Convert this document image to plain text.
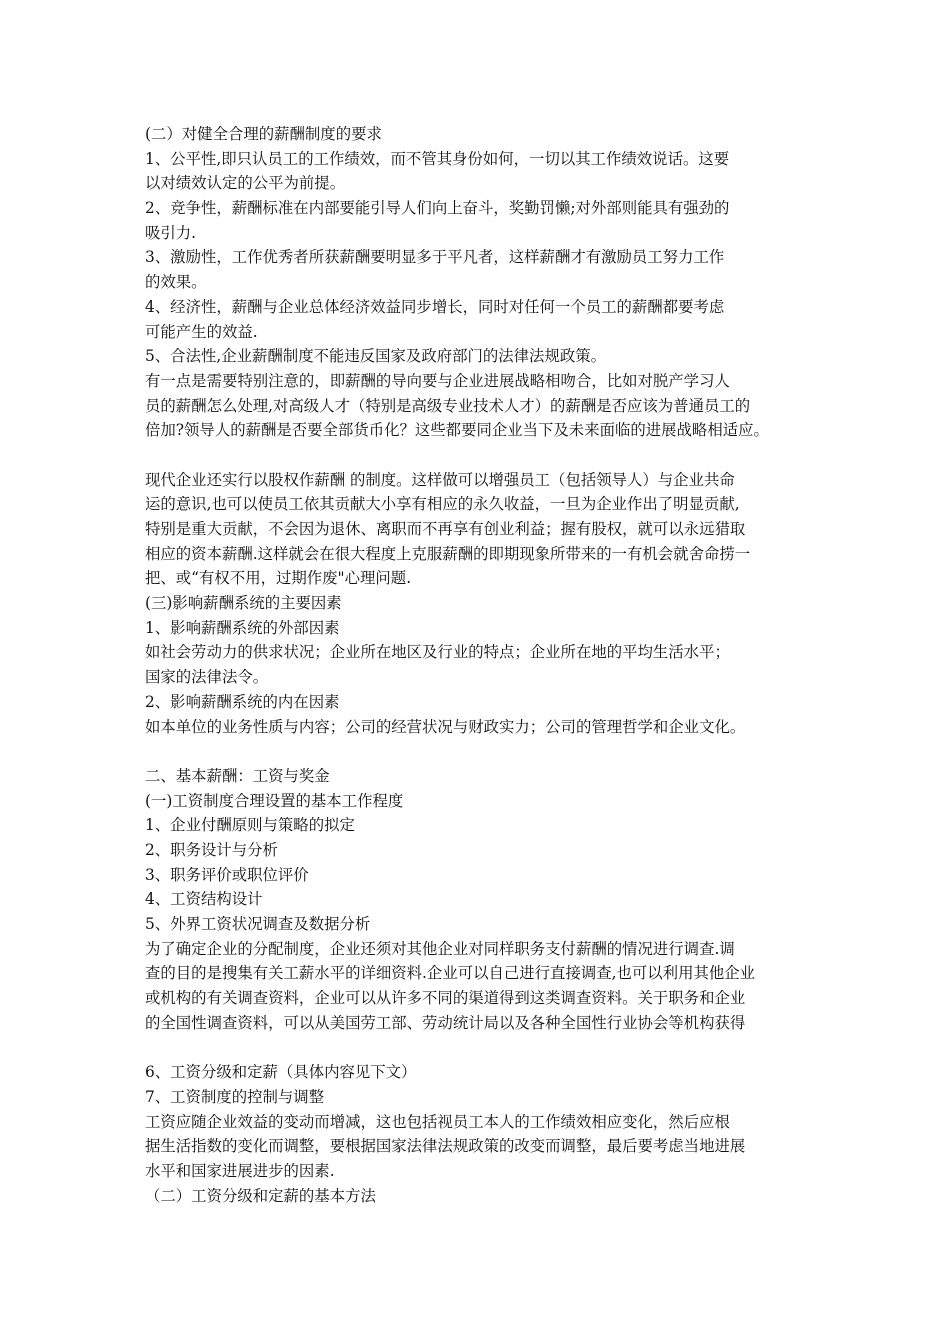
(二）对健全合理的薪酬制度的要求
1、公平性,即只认员工的工作绩效，而不管其身份如何，一切以其工作绩效说话。这要
以对绩效认定的公平为前提。
2、竞争性，薪酬标准在内部要能引导人们向上奋斗，奖勤罚懒;对外部则能具有强劲的
吸引力.
3、激励性，工作优秀者所获薪酬要明显多于平凡者，这样薪酬才有激励员工努力工作
的效果。
4、经济性，薪酬与企业总体经济效益同步增长，同时对任何一个员工的薪酬都要考虑
可能产生的效益.
5、合法性,企业薪酬制度不能违反国家及政府部门的法律法规政策。
有一点是需要特别注意的，即薪酬的导向要与企业进展战略相吻合，比如对脱产学习人
员的薪酬怎么处理,对高级人才（特别是高级专业技术人才）的薪酬是否应该为普通员工的
倍加?领导人的薪酬是否要全部货币化？这些都要同企业当下及未来面临的进展战略相适应。
现代企业还实行以股权作薪酬 的制度。这样做可以增强员工（包括领导人）与企业共命
运的意识,也可以使员工依其贡献大小享有相应的永久收益，一旦为企业作出了明显贡献,
特别是重大贡献，不会因为退休、离职而不再享有创业利益；握有股权，就可以永远猎取
相应的资本薪酬.这样就会在很大程度上克服薪酬的即期现象所带来的一有机会就舍命捞一
把、或“有权不用，过期作废"心理问题.
(三)影响薪酬系统的主要因素
1、影响薪酬系统的外部因素
如社会劳动力的供求状况；企业所在地区及行业的特点；企业所在地的平均生活水平；
国家的法律法令。
2、影响薪酬系统的内在因素
如本单位的业务性质与内容；公司的经营状况与财政实力；公司的管理哲学和企业文化。
二、基本薪酬：工资与奖金
(一)工资制度合理设置的基本工作程度
1、企业付酬原则与策略的拟定
2、职务设计与分析
3、职务评价或职位评价
4、工资结构设计
5、外界工资状况调查及数据分析
为了确定企业的分配制度，企业还须对其他企业对同样职务支付薪酬的情况进行调查.调
查的目的是搜集有关工薪水平的详细资料.企业可以自己进行直接调查,也可以利用其他企业
或机构的有关调查资料，企业可以从许多不同的渠道得到这类调查资料。关于职务和企业
的全国性调查资料，可以从美国劳工部、劳动统计局以及各种全国性行业协会等机构获得
6、工资分级和定薪（具体内容见下文）
7、工资制度的控制与调整
工资应随企业效益的变动而增减，这也包括视员工本人的工作绩效相应变化，然后应根
据生活指数的变化而调整，要根据国家法律法规政策的改变而调整，最后要考虑当地进展
水平和国家进展进步的因素.
（二）工资分级和定薪的基本方法
